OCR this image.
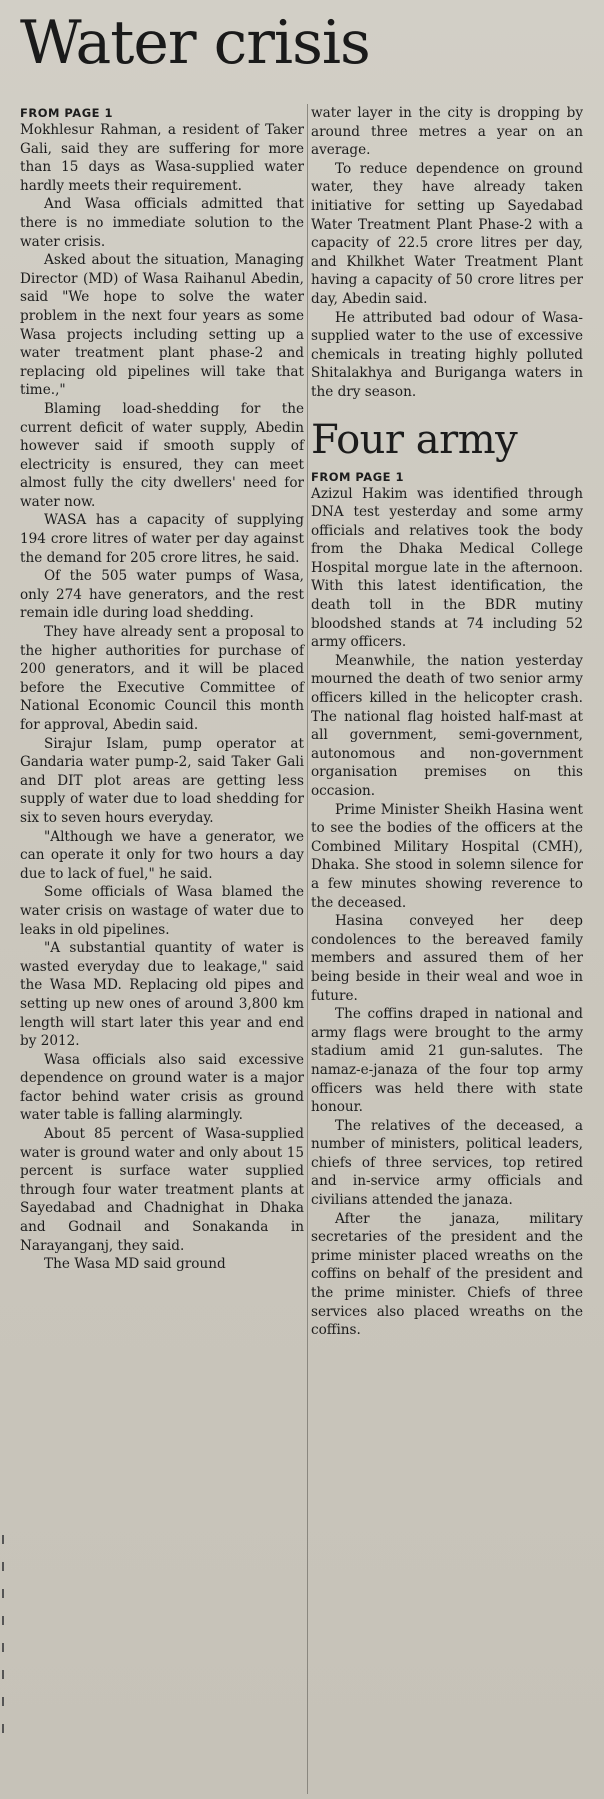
Water crisis
FROM PAGE 1

Mokhlesur Rahman, a resident of Taker Gali, said they are suffering for more than 15 days as Wasa-supplied water hardly meets their requirement.

And Wasa officials admitted that there is no immediate solution to the water crisis.

Asked about the situation, Managing Director (MD) of Wasa Raihanul Abedin, said "We hope to solve the water problem in the next four years as some Wasa projects including setting up a water treatment plant phase-2 and replacing old pipelines will take that time.,"

Blaming load-shedding for the current deficit of water supply, Abedin however said if smooth supply of electricity is ensured, they can meet almost fully the city dwellers' need for water now.

WASA has a capacity of supplying 194 crore litres of water per day against the demand for 205 crore litres, he said.

Of the 505 water pumps of Wasa, only 274 have generators, and the rest remain idle during load shedding.

They have already sent a proposal to the higher authorities for purchase of 200 generators, and it will be placed before the Executive Committee of National Economic Council this month for approval, Abedin said.

Sirajur Islam, pump operator at Gandaria water pump-2, said Taker Gali and DIT plot areas are getting less supply of water due to load shedding for six to seven hours everyday.

"Although we have a generator, we can operate it only for two hours a day due to lack of fuel," he said.

Some officials of Wasa blamed the water crisis on wastage of water due to leaks in old pipelines.

"A substantial quantity of water is wasted everyday due to leakage," said the Wasa MD. Replacing old pipes and setting up new ones of around 3,800 km length will start later this year and end by 2012.

Wasa officials also said excessive dependence on ground water is a major factor behind water crisis as ground water table is falling alarmingly.

About 85 percent of Wasa-supplied water is ground water and only about 15 percent is surface water supplied through four water treatment plants at Sayedabad and Chadnighat in Dhaka and Godnail and Sonakanda in Narayanganj, they said.

The Wasa MD said ground

water layer in the city is dropping by around three metres a year on an average.

To reduce dependence on ground water, they have already taken initiative for setting up Sayedabad Water Treatment Plant Phase-2 with a capacity of 22.5 crore litres per day, and Khilkhet Water Treatment Plant having a capacity of 50 crore litres per day, Abedin said.

He attributed bad odour of Wasa-supplied water to the use of excessive chemicals in treating highly polluted Shitalakhya and Buriganga waters in the dry season.

Four army
FROM PAGE 1

Azizul Hakim was identified through DNA test yesterday and some army officials and relatives took the body from the Dhaka Medical College Hospital morgue late in the afternoon. With this latest identification, the death toll in the BDR mutiny bloodshed stands at 74 including 52 army officers.

Meanwhile, the nation yesterday mourned the death of two senior army officers killed in the helicopter crash. The national flag hoisted half-mast at all government, semi-government, autonomous and non-government organisation premises on this occasion.

Prime Minister Sheikh Hasina went to see the bodies of the officers at the Combined Military Hospital (CMH), Dhaka. She stood in solemn silence for a few minutes showing reverence to the deceased.

Hasina conveyed her deep condolences to the bereaved family members and assured them of her being beside in their weal and woe in future.

The coffins draped in national and army flags were brought to the army stadium amid 21 gun-salutes. The namaz-e-janaza of the four top army officers was held there with state honour.

The relatives of the deceased, a number of ministers, political leaders, chiefs of three services, top retired and in-service army officials and civilians attended the janaza.

After the janaza, military secretaries of the president and the prime minister placed wreaths on the coffins on behalf of the president and the prime minister. Chiefs of three services also placed wreaths on the coffins.
